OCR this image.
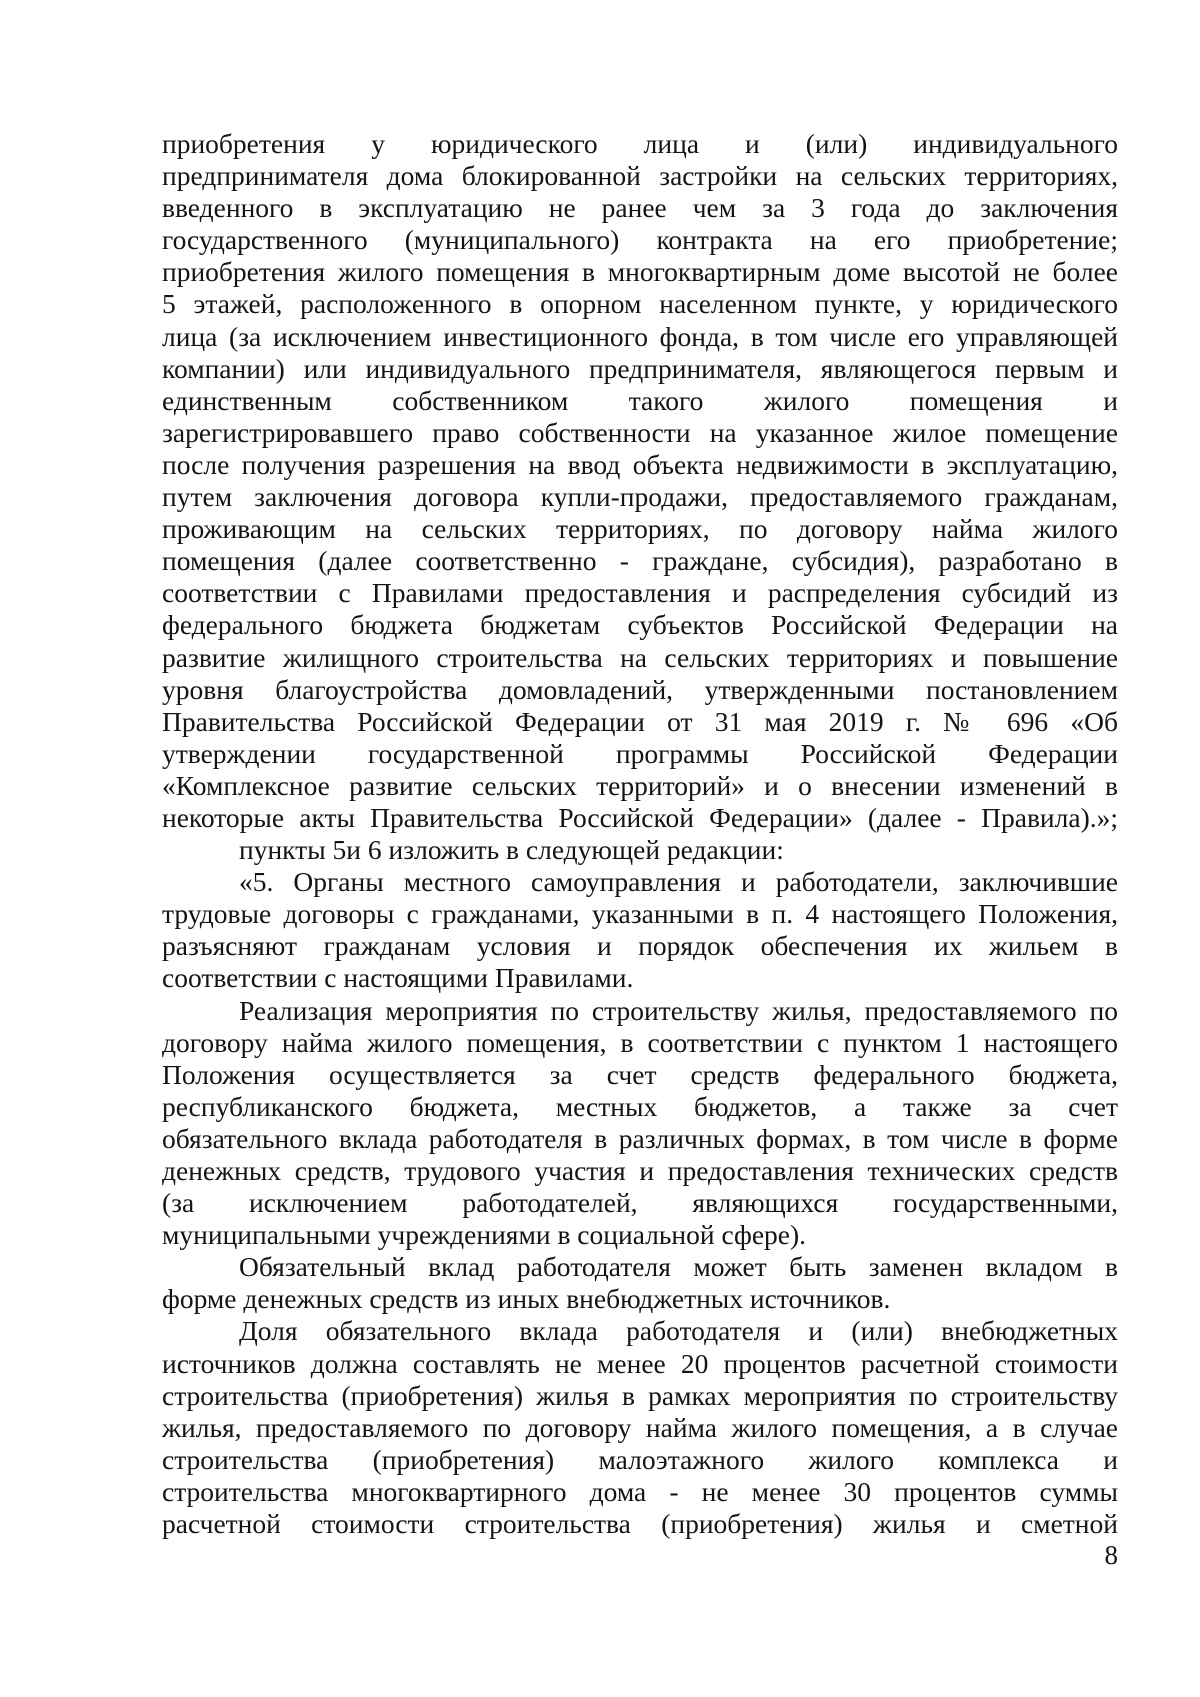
приобретения у юридического лица и (или) индивидуального
предпринимателя дома блокированной застройки на сельских территориях,
введенного в эксплуатацию не ранее чем за 3 года до заключения
государственного (муниципального) контракта на его приобретение;
приобретения жилого помещения в многоквартирным доме высотой не более
5 этажей, расположенного в опорном населенном пункте, у юридического
лица (за исключением инвестиционного фонда, в том числе его управляющей
компании) или индивидуального предпринимателя, являющегося первым и
единственным собственником такого жилого помещения и
зарегистрировавшего право собственности на указанное жилое помещение
после получения разрешения на ввод объекта недвижимости в эксплуатацию,
путем заключения договора купли-продажи, предоставляемого гражданам,
проживающим на сельских территориях, по договору найма жилого
помещения (далее соответственно - граждане, субсидия), разработано в
соответствии с Правилами предоставления и распределения субсидий из
федерального бюджета бюджетам субъектов Российской Федерации на
развитие жилищного строительства на сельских территориях и повышение
уровня благоустройства домовладений, утвержденными постановлением
Правительства Российской Федерации от 31 мая 2019 г. № 696 «Об
утверждении государственной программы Российской Федерации
«Комплексное развитие сельских территорий» и о внесении изменений в
некоторые акты Правительства Российской Федерации» (далее - Правила).»;
пункты 5и 6 изложить в следующей редакции:
«5. Органы местного самоуправления и работодатели, заключившие
трудовые договоры с гражданами, указанными в п. 4 настоящего Положения,
разъясняют гражданам условия и порядок обеспечения их жильем в
соответствии с настоящими Правилами.
Реализация мероприятия по строительству жилья, предоставляемого по
договору найма жилого помещения, в соответствии с пунктом 1 настоящего
Положения осуществляется за счет средств федерального бюджета,
республиканского бюджета, местных бюджетов, а также за счет
обязательного вклада работодателя в различных формах, в том числе в форме
денежных средств, трудового участия и предоставления технических средств
(за исключением работодателей, являющихся государственными,
муниципальными учреждениями в социальной сфере).
Обязательный вклад работодателя может быть заменен вкладом в
форме денежных средств из иных внебюджетных источников.
Доля обязательного вклада работодателя и (или) внебюджетных
источников должна составлять не менее 20 процентов расчетной стоимости
строительства (приобретения) жилья в рамках мероприятия по строительству
жилья, предоставляемого по договору найма жилого помещения, а в случае
строительства (приобретения) малоэтажного жилого комплекса и
строительства многоквартирного дома - не менее 30 процентов суммы
расчетной стоимости строительства (приобретения) жилья и сметной
8
